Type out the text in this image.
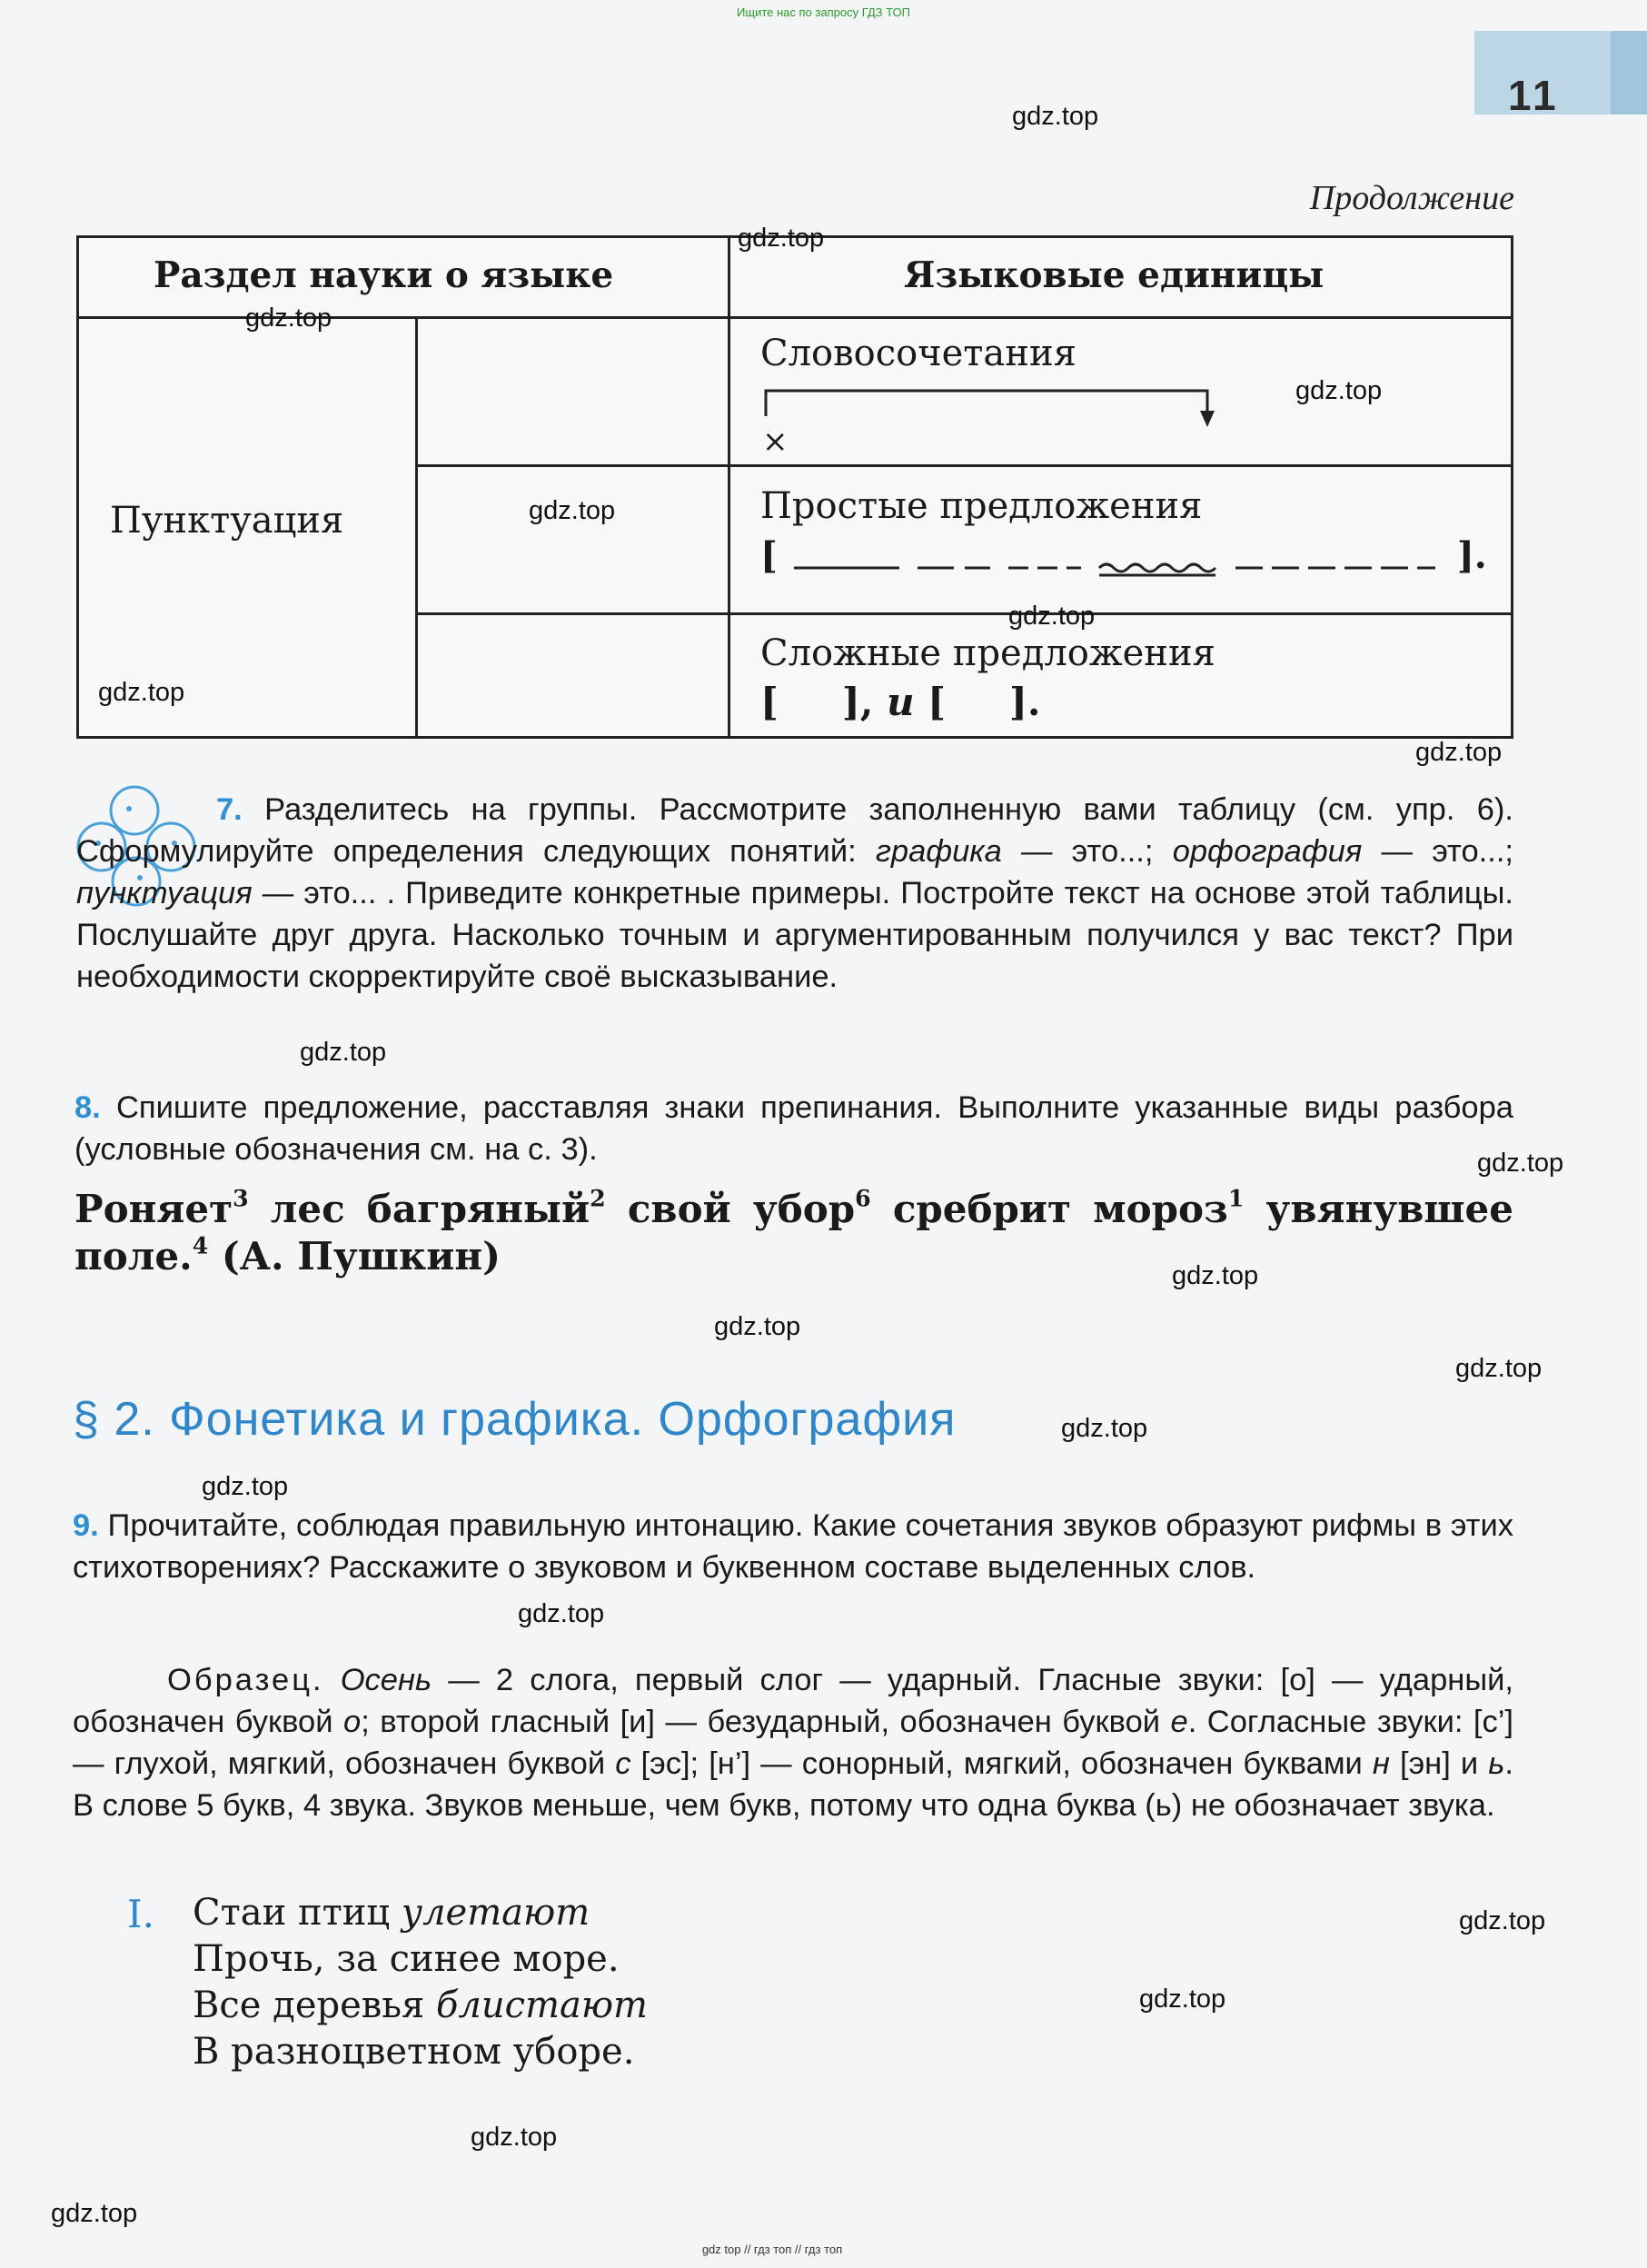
Ищите нас по запросу ГДЗ ТОП
11
Продолжение
Раздел науки о языке	Языковые единицы
Пунктуация
Словосочетания
×
Простые предложения
[	].
Сложные предложения
[ ], и [ ].
7. Разделитесь на группы. Рассмотрите заполненную вами таблицу (см. упр. 6). Сформулируйте определения следующих понятий: графика — это...; орфография — это...; пунктуация — это... . Приведите конкретные примеры. Постройте текст на основе этой таблицы. Послушайте друг друга. Насколько точным и аргументированным получился у вас текст? При необходимости скорректируйте своё высказывание.
8. Спишите предложение, расставляя знаки препинания. Выполните указанные виды разбора (условные обозначения см. на с. 3).
Роняет$^3$ лес багряный$^2$ свой убор$^6$ сребрит мороз$^1$ увянувшее поле.$^4$ (А. Пушкин)
§ 2. Фонетика и графика. Орфография
9. Прочитайте, соблюдая правильную интонацию. Какие сочетания звуков образуют рифмы в этих стихотворениях? Расскажите о звуковом и буквенном составе выделенных слов.
Образец. Осень — 2 слога, первый слог — ударный. Гласные звуки: [о] — ударный, обозначен буквой о; второй гласный [и] — безударный, обозначен буквой е. Согласные звуки: [с’] — глухой, мягкий, обозначен буквой с [эс]; [н’] — сонорный, мягкий, обозначен буквами н [эн] и ь. В слове 5 букв, 4 звука. Звуков меньше, чем букв, потому что одна буква (ь) не обозначает звука.
I. Стаи птиц улетают
Прочь, за синее море.
Все деревья блистают
В разноцветном уборе.
gdz.top
gdz.top
gdz.top
gdz.top
gdz.top
gdz.top
gdz.top
gdz.top
gdz.top
gdz.top
gdz.top
gdz.top
gdz.top
gdz.top
gdz.top
gdz.top
gdz.top
gdz.top
gdz.top
gdz.top
gdz top // гдз топ // гдз топ
